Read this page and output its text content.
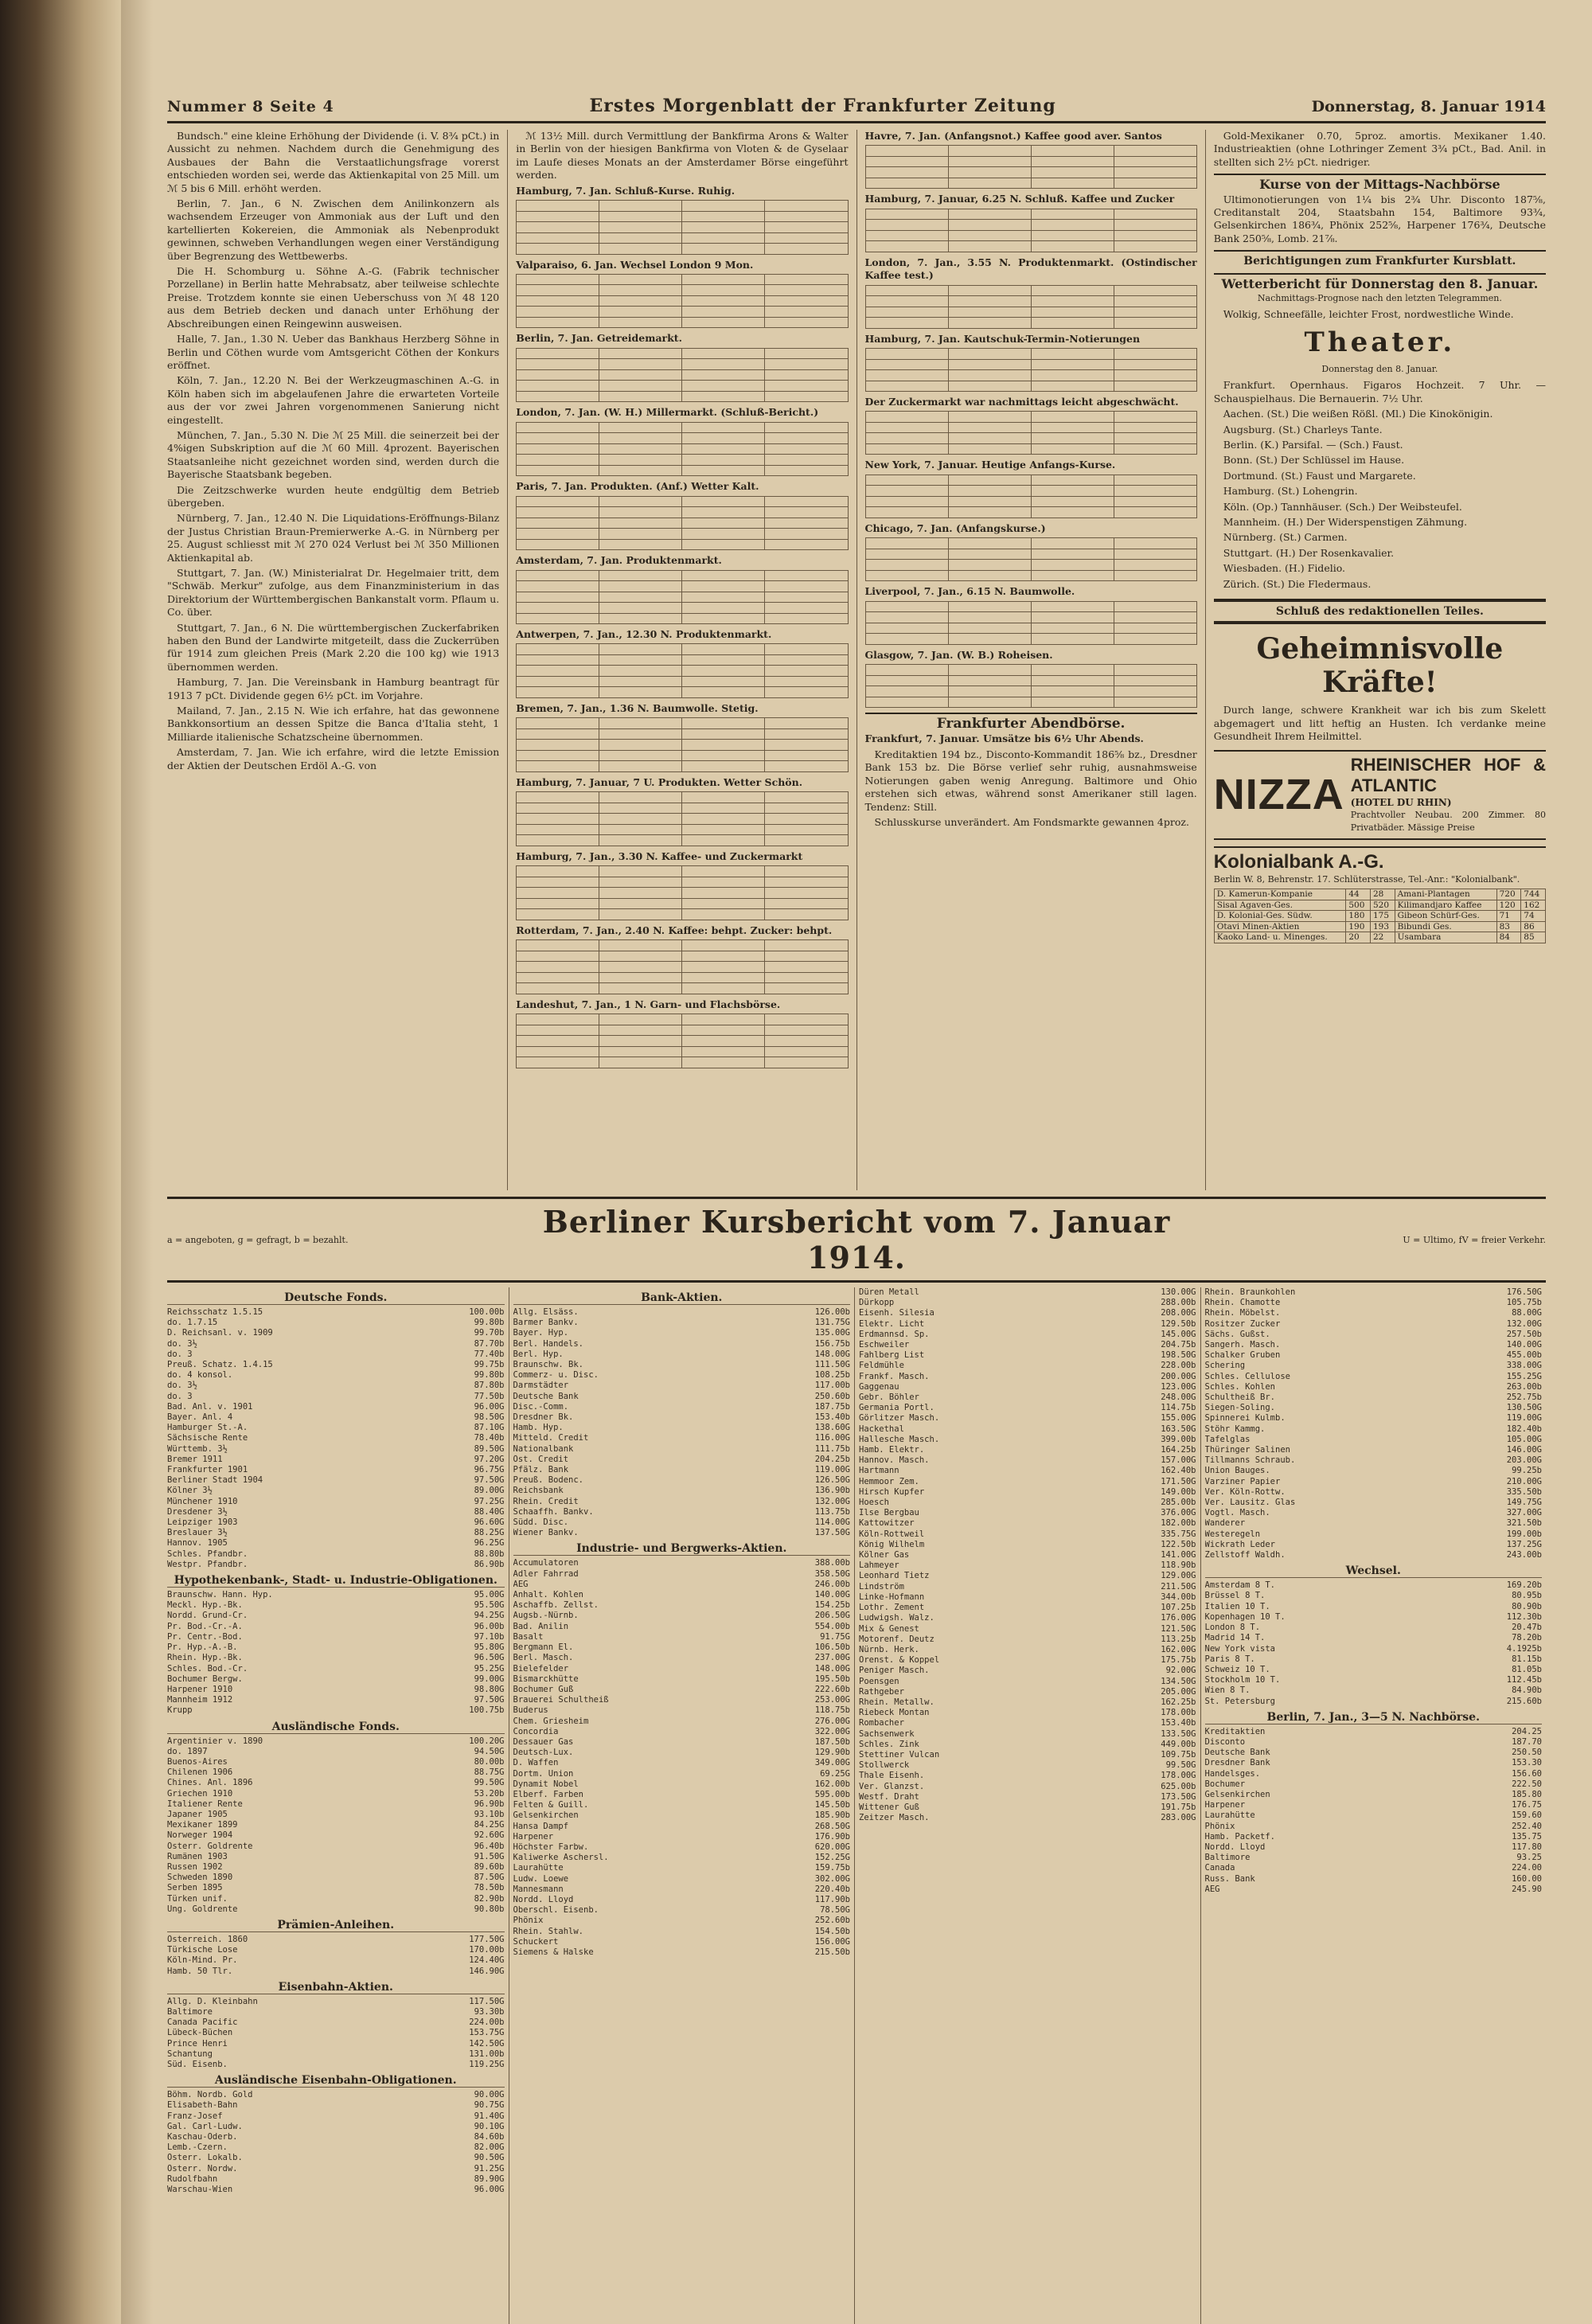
Nummer 8 Seite 4	Erstes Morgenblatt der Frankfurter Zeitung	Donnerstag, 8. Januar 1914

Bundsch." eine kleine Erhöhung der Dividende (i. V. 8¾ pCt.) in Aussicht zu nehmen. Nachdem durch die Genehmigung des Ausbaues der Bahn die Verstaatlichungsfrage vorerst entschieden worden sei, werde das Aktienkapital von 25 Mill. um ℳ 5 bis 6 Mill. erhöht werden.

Berlin, 7. Jan., 6 N. Zwischen dem Anilinkonzern als wachsendem Erzeuger von Ammoniak aus der Luft und den kartellierten Kokereien, die Ammoniak als Nebenprodukt gewinnen, schweben Verhandlungen wegen einer Verständigung über Begrenzung des Wettbewerbs.

Die H. Schomburg u. Söhne A.-G. (Fabrik technischer Porzellane) in Berlin hatte Mehrabsatz, aber teilweise schlechte Preise. Trotzdem konnte sie einen Ueberschuss von ℳ 48 120 aus dem Betrieb decken und danach unter Erhöhung der Abschreibungen einen Reingewinn ausweisen.

Halle, 7. Jan., 1.30 N. Ueber das Bankhaus Herzberg Söhne in Berlin und Cöthen wurde vom Amtsgericht Cöthen der Konkurs eröffnet.

Köln, 7. Jan., 12.20 N. Bei der Werkzeugmaschinen A.-G. in Köln haben sich im abgelaufenen Jahre die erwarteten Vorteile aus der vor zwei Jahren vorgenommenen Sanierung nicht eingestellt.

München, 7. Jan., 5.30 N. Die ℳ 25 Mill. die seinerzeit bei der 4%igen Subskription auf die ℳ 60 Mill. 4prozent. Bayerischen Staatsanleihe nicht gezeichnet worden sind, werden durch die Bayerische Staatsbank begeben.

Die Zeitzschwerke wurden heute endgültig dem Betrieb übergeben.

Nürnberg, 7. Jan., 12.40 N. Die Liquidations-Eröffnungs-Bilanz der Justus Christian Braun-Premierwerke A.-G. in Nürnberg per 25. August schliesst mit ℳ 270 024 Verlust bei ℳ 350 Millionen Aktienkapital ab.

Stuttgart, 7. Jan. (W.) Ministerialrat Dr. Hegelmaier tritt, dem "Schwäb. Merkur" zufolge, aus dem Finanzministerium in das Direktorium der Württembergischen Bankanstalt vorm. Pflaum u. Co. über.

Stuttgart, 7. Jan., 6 N. Die württembergischen Zuckerfabriken haben den Bund der Landwirte mitgeteilt, dass die Zuckerrüben für 1914 zum gleichen Preis (Mark 2.20 die 100 kg) wie 1913 übernommen werden.

Hamburg, 7. Jan. Die Vereinsbank in Hamburg beantragt für 1913 7 pCt. Dividende gegen 6½ pCt. im Vorjahre.

Mailand, 7. Jan., 2.15 N. Wie ich erfahre, hat das gewonnene Bankkonsortium an dessen Spitze die Banca d'Italia steht, 1 Milliarde italienische Schatzscheine übernommen.

Amsterdam, 7. Jan. Wie ich erfahre, wird die letzte Emission der Aktien der Deutschen Erdöl A.-G. von

ℳ 13½ Mill. durch Vermittlung der Bankfirma Arons & Walter in Berlin von der hiesigen Bankfirma von Vloten & de Gyselaar im Laufe dieses Monats an der Amsterdamer Börse eingeführt werden.

Hamburg, 7. Jan. Schluß-Kurse. Ruhig.

Valparaiso, 6. Jan. Wechsel London 9 Mon.

Berlin, 7. Jan. Getreidemarkt.

London, 7. Jan. (W. H.) Millermarkt. (Schluß-Bericht.)

Paris, 7. Jan. Produkten. (Anf.) Wetter Kalt.

Amsterdam, 7. Jan. Produktenmarkt.

Antwerpen, 7. Jan., 12.30 N. Produktenmarkt.

Bremen, 7. Jan., 1.36 N. Baumwolle. Stetig.

Hamburg, 7. Januar, 7 U. Produkten. Wetter Schön.

Hamburg, 7. Jan., 3.30 N. Kaffee- und Zuckermarkt

Rotterdam, 7. Jan., 2.40 N. Kaffee: behpt. Zucker: behpt.

Landeshut, 7. Jan., 1 N. Garn- und Flachsbörse.

Havre, 7. Jan. (Anfangsnot.) Kaffee good aver. Santos

Hamburg, 7. Januar, 6.25 N. Schluß. Kaffee und Zucker

London, 7. Jan., 3.55 N. Produktenmarkt. (Ostindischer Kaffee test.)

Hamburg, 7. Jan. Kautschuk-Termin-Notierungen

Der Zuckermarkt war nachmittags leicht abgeschwächt.

New York, 7. Januar. Heutige Anfangs-Kurse.

Chicago, 7. Jan. (Anfangskurse.)

Liverpool, 7. Jan., 6.15 N. Baumwolle.

Glasgow, 7. Jan. (W. B.) Roheisen.

Frankfurter Abendbörse.

Frankfurt, 7. Januar. Umsätze bis 6½ Uhr Abends.

Kreditaktien 194 bz., Disconto-Kommandit 186⅝ bz., Dresdner Bank 153 bz. Die Börse verlief sehr ruhig, ausnahmsweise Notierungen gaben wenig Anregung. Baltimore und Ohio erstehen sich etwas, während sonst Amerikaner still lagen. Tendenz: Still.

Schlusskurse unverändert. Am Fondsmarkte gewannen 4proz.

Gold-Mexikaner 0.70, 5proz. amortis. Mexikaner 1.40. Industrieaktien (ohne Lothringer Zement 3¾ pCt., Bad. Anil. in stellten sich 2½ pCt. niedriger.

Kurse von der Mittags-Nachbörse

Ultimonotierungen von 1¼ bis 2¾ Uhr. Disconto 187⅝, Creditanstalt 204, Staatsbahn 154, Baltimore 93¾, Gelsenkirchen 186¾, Phönix 252⅝, Harpener 176¾, Deutsche Bank 250⅝, Lomb. 21⅞.

Berichtigungen zum Frankfurter Kursblatt.

Wetterbericht für Donnerstag den 8. Januar.
Nachmittags-Prognose nach den letzten Telegrammen.

Wolkig, Schneefälle, leichter Frost, nordwestliche Winde.

Theater.
Donnerstag den 8. Januar.

Frankfurt. Opernhaus. Figaros Hochzeit. 7 Uhr. — Schauspielhaus. Die Bernauerin. 7½ Uhr.

Aachen. (St.) Die weißen Rößl. (Ml.) Die Kinokönigin.

Augsburg. (St.) Charleys Tante.

Berlin. (K.) Parsifal. — (Sch.) Faust.

Bonn. (St.) Der Schlüssel im Hause.

Dortmund. (St.) Faust und Margarete.

Hamburg. (St.) Lohengrin.

Köln. (Op.) Tannhäuser. (Sch.) Der Weibsteufel.

Mannheim. (H.) Der Widerspenstigen Zähmung.

Nürnberg. (St.) Carmen.

Stuttgart. (H.) Der Rosenkavalier.

Wiesbaden. (H.) Fidelio.

Zürich. (St.) Die Fledermaus.

Schluß des redaktionellen Teiles.
Geheimnisvolle Kräfte!

Durch lange, schwere Krankheit war ich bis zum Skelett abgemagert und litt heftig an Husten. Ich verdanke meine Gesundheit Ihrem Heilmittel.

NIZZA
RHEINISCHER HOF & ATLANTIC
(HOTEL DU RHIN)
Prachtvoller Neubau. 200 Zimmer. 80 Privatbäder. Mässige Preise
Kolonialbank A.-G.
Berlin W. 8, Behrenstr. 17. Schlüterstrasse, Tel.-Anr.: "Kolonialbank".
D. Kamerun-Kompanie	44	28	Amani-Plantagen	720	744
Sisal Agaven-Ges.	500	520	Kilimandjaro Kaffee	120	162
D. Kolonial-Ges. Südw.	180	175	Gibeon Schürf-Ges.	71	74
Otavi Minen-Aktien	190	193	Bibundi Ges.	83	86
Kaoko Land- u. Minenges.	20	22	Usambara	84	85
a = angeboten, g = gefragt, b = bezahlt.	Berliner Kursbericht vom 7. Januar 1914.	U = Ultimo, fV = freier Verkehr.
Deutsche Fonds.
Reichsschatz 1.5.15	100.00b
do. 1.7.15	99.80b
D. Reichsanl. v. 1909	99.70b
do. 3½	87.70b
do. 3	77.40b
Preuß. Schatz. 1.4.15	99.75b
do. 4 konsol.	99.80b
do. 3½	87.80b
do. 3	77.50b
Bad. Anl. v. 1901	96.00G
Bayer. Anl. 4	98.50G
Hamburger St.-A.	87.10G
Sächsische Rente	78.40b
Württemb. 3½	89.50G
Bremer 1911	97.20G
Frankfurter 1901	96.75G
Berliner Stadt 1904	97.50G
Kölner 3½	89.00G
Münchener 1910	97.25G
Dresdener 3½	88.40G
Leipziger 1903	96.60G
Breslauer 3½	88.25G
Hannov. 1905	96.25G
Schles. Pfandbr.	88.80b
Westpr. Pfandbr.	86.90b
Hypothekenbank-, Stadt- u. Industrie-Obligationen.
Braunschw. Hann. Hyp.	95.00G
Meckl. Hyp.-Bk.	95.50G
Nordd. Grund-Cr.	94.25G
Pr. Bod.-Cr.-A.	96.00b
Pr. Centr.-Bod.	97.10b
Pr. Hyp.-A.-B.	95.80G
Rhein. Hyp.-Bk.	96.50G
Schles. Bod.-Cr.	95.25G
Bochumer Bergw.	99.00G
Harpener 1910	98.80G
Mannheim 1912	97.50G
Krupp	100.75b
Ausländische Fonds.
Argentinier v. 1890	100.20G
do. 1897	94.50G
Buenos-Aires	80.00b
Chilenen 1906	88.75G
Chines. Anl. 1896	99.50G
Griechen 1910	53.20b
Italiener Rente	96.90b
Japaner 1905	93.10b
Mexikaner 1899	84.25G
Norweger 1904	92.60G
Österr. Goldrente	96.40b
Rumänen 1903	91.50G
Russen 1902	89.60b
Schweden 1890	87.50G
Serben 1895	78.50b
Türken unif.	82.90b
Ung. Goldrente	90.80b
Prämien-Anleihen.
Österreich. 1860	177.50G
Türkische Lose	170.00b
Köln-Mind. Pr.	124.40G
Hamb. 50 Tlr.	146.90G
Eisenbahn-Aktien.
Allg. D. Kleinbahn	117.50G
Baltimore	93.30b
Canada Pacific	224.00b
Lübeck-Büchen	153.75G
Prince Henri	142.50G
Schantung	131.00b
Süd. Eisenb.	119.25G
Ausländische Eisenbahn-Obligationen.
Böhm. Nordb. Gold	90.00G
Elisabeth-Bahn	90.75G
Franz-Josef	91.40G
Gal. Carl-Ludw.	90.10G
Kaschau-Oderb.	84.60b
Lemb.-Czern.	82.00G
Österr. Lokalb.	90.50G
Österr. Nordw.	91.25G
Rudolfbahn	89.90G
Warschau-Wien	96.00G
Bank-Aktien.
Allg. Elsäss.	126.00b
Barmer Bankv.	131.75G
Bayer. Hyp.	135.00G
Berl. Handels.	156.75b
Berl. Hyp.	148.00G
Braunschw. Bk.	111.50G
Commerz- u. Disc.	108.25b
Darmstädter	117.00b
Deutsche Bank	250.60b
Disc.-Comm.	187.75b
Dresdner Bk.	153.40b
Hamb. Hyp.	138.60G
Mitteld. Credit	116.00G
Nationalbank	111.75b
Öst. Credit	204.25b
Pfälz. Bank	119.00G
Preuß. Bodenc.	126.50G
Reichsbank	136.90b
Rhein. Credit	132.00G
Schaaffh. Bankv.	113.75b
Südd. Disc.	114.00G
Wiener Bankv.	137.50G
Industrie- und Bergwerks-Aktien.
Accumulatoren	388.00b
Adler Fahrrad	358.50G
AEG	246.00b
Anhalt. Kohlen	140.00G
Aschaffb. Zellst.	154.25b
Augsb.-Nürnb.	206.50G
Bad. Anilin	554.00b
Basalt	91.75G
Bergmann El.	106.50b
Berl. Masch.	237.00G
Bielefelder	148.00G
Bismarckhütte	195.50b
Bochumer Guß	222.60b
Brauerei Schultheiß	253.00G
Buderus	118.75b
Chem. Griesheim	276.00G
Concordia	322.00G
Dessauer Gas	187.50b
Deutsch-Lux.	129.90b
D. Waffen	349.00G
Dortm. Union	69.25G
Dynamit Nobel	162.00b
Elberf. Farben	595.00b
Felten & Guill.	145.50b
Gelsenkirchen	185.90b
Hansa Dampf	268.50G
Harpener	176.90b
Höchster Farbw.	620.00G
Kaliwerke Aschersl.	152.25G
Laurahütte	159.75b
Ludw. Loewe	302.00G
Mannesmann	220.40b
Nordd. Lloyd	117.90b
Oberschl. Eisenb.	78.50G
Phönix	252.60b
Rhein. Stahlw.	154.50b
Schuckert	156.00G
Siemens & Halske	215.50b
Düren Metall	130.00G
Dürkopp	288.00b
Eisenh. Silesia	208.00G
Elektr. Licht	129.50b
Erdmannsd. Sp.	145.00G
Eschweiler	204.75b
Fahlberg List	198.50G
Feldmühle	228.00b
Frankf. Masch.	200.00G
Gaggenau	123.00G
Gebr. Böhler	248.00G
Germania Portl.	114.75b
Görlitzer Masch.	155.00G
Hackethal	163.50G
Hallesche Masch.	399.00b
Hamb. Elektr.	164.25b
Hannov. Masch.	157.00G
Hartmann	162.40b
Hemmoor Zem.	171.50G
Hirsch Kupfer	149.00b
Hoesch	285.00b
Ilse Bergbau	376.00G
Kattowitzer	182.00b
Köln-Rottweil	335.75G
König Wilhelm	122.50b
Kölner Gas	141.00G
Lahmeyer	118.90b
Leonhard Tietz	129.00G
Lindström	211.50G
Linke-Hofmann	344.00b
Lothr. Zement	107.25b
Ludwigsh. Walz.	176.00G
Mix & Genest	121.50G
Motorenf. Deutz	113.25b
Nürnb. Herk.	162.00G
Orenst. & Koppel	175.75b
Peniger Masch.	92.00G
Poensgen	134.50G
Rathgeber	205.00G
Rhein. Metallw.	162.25b
Riebeck Montan	178.00b
Rombacher	153.40b
Sachsenwerk	133.50G
Schles. Zink	449.00b
Stettiner Vulcan	109.75b
Stollwerck	99.50G
Thale Eisenh.	178.00G
Ver. Glanzst.	625.00b
Westf. Draht	173.50G
Wittener Guß	191.75b
Zeitzer Masch.	283.00G
Rhein. Braunkohlen	176.50G
Rhein. Chamotte	105.75b
Rhein. Möbelst.	88.00G
Rositzer Zucker	132.00G
Sächs. Gußst.	257.50b
Sangerh. Masch.	140.00G
Schalker Gruben	455.00b
Schering	338.00G
Schles. Cellulose	155.25G
Schles. Kohlen	263.00b
Schultheiß Br.	252.75b
Siegen-Soling.	130.50G
Spinnerei Kulmb.	119.00G
Stöhr Kammg.	182.40b
Tafelglas	105.00G
Thüringer Salinen	146.00G
Tillmanns Schraub.	203.00G
Union Bauges.	99.25b
Varziner Papier	210.00G
Ver. Köln-Rottw.	335.50b
Ver. Lausitz. Glas	149.75G
Vogtl. Masch.	327.00G
Wanderer	321.50b
Westeregeln	199.00b
Wickrath Leder	137.25G
Zellstoff Waldh.	243.00b
Wechsel.
Amsterdam 8 T.	169.20b
Brüssel 8 T.	80.95b
Italien 10 T.	80.90b
Kopenhagen 10 T.	112.30b
London 8 T.	20.47b
Madrid 14 T.	78.20b
New York vista	4.1925b
Paris 8 T.	81.15b
Schweiz 10 T.	81.05b
Stockholm 10 T.	112.45b
Wien 8 T.	84.90b
St. Petersburg	215.60b
Berlin, 7. Jan., 3—5 N. Nachbörse.
Kreditaktien	204.25
Disconto	187.70
Deutsche Bank	250.50
Dresdner Bank	153.30
Handelsges.	156.60
Bochumer	222.50
Gelsenkirchen	185.80
Harpener	176.75
Laurahütte	159.60
Phönix	252.40
Hamb. Packetf.	135.75
Nordd. Lloyd	117.80
Baltimore	93.25
Canada	224.00
Russ. Bank	160.00
AEG	245.90
